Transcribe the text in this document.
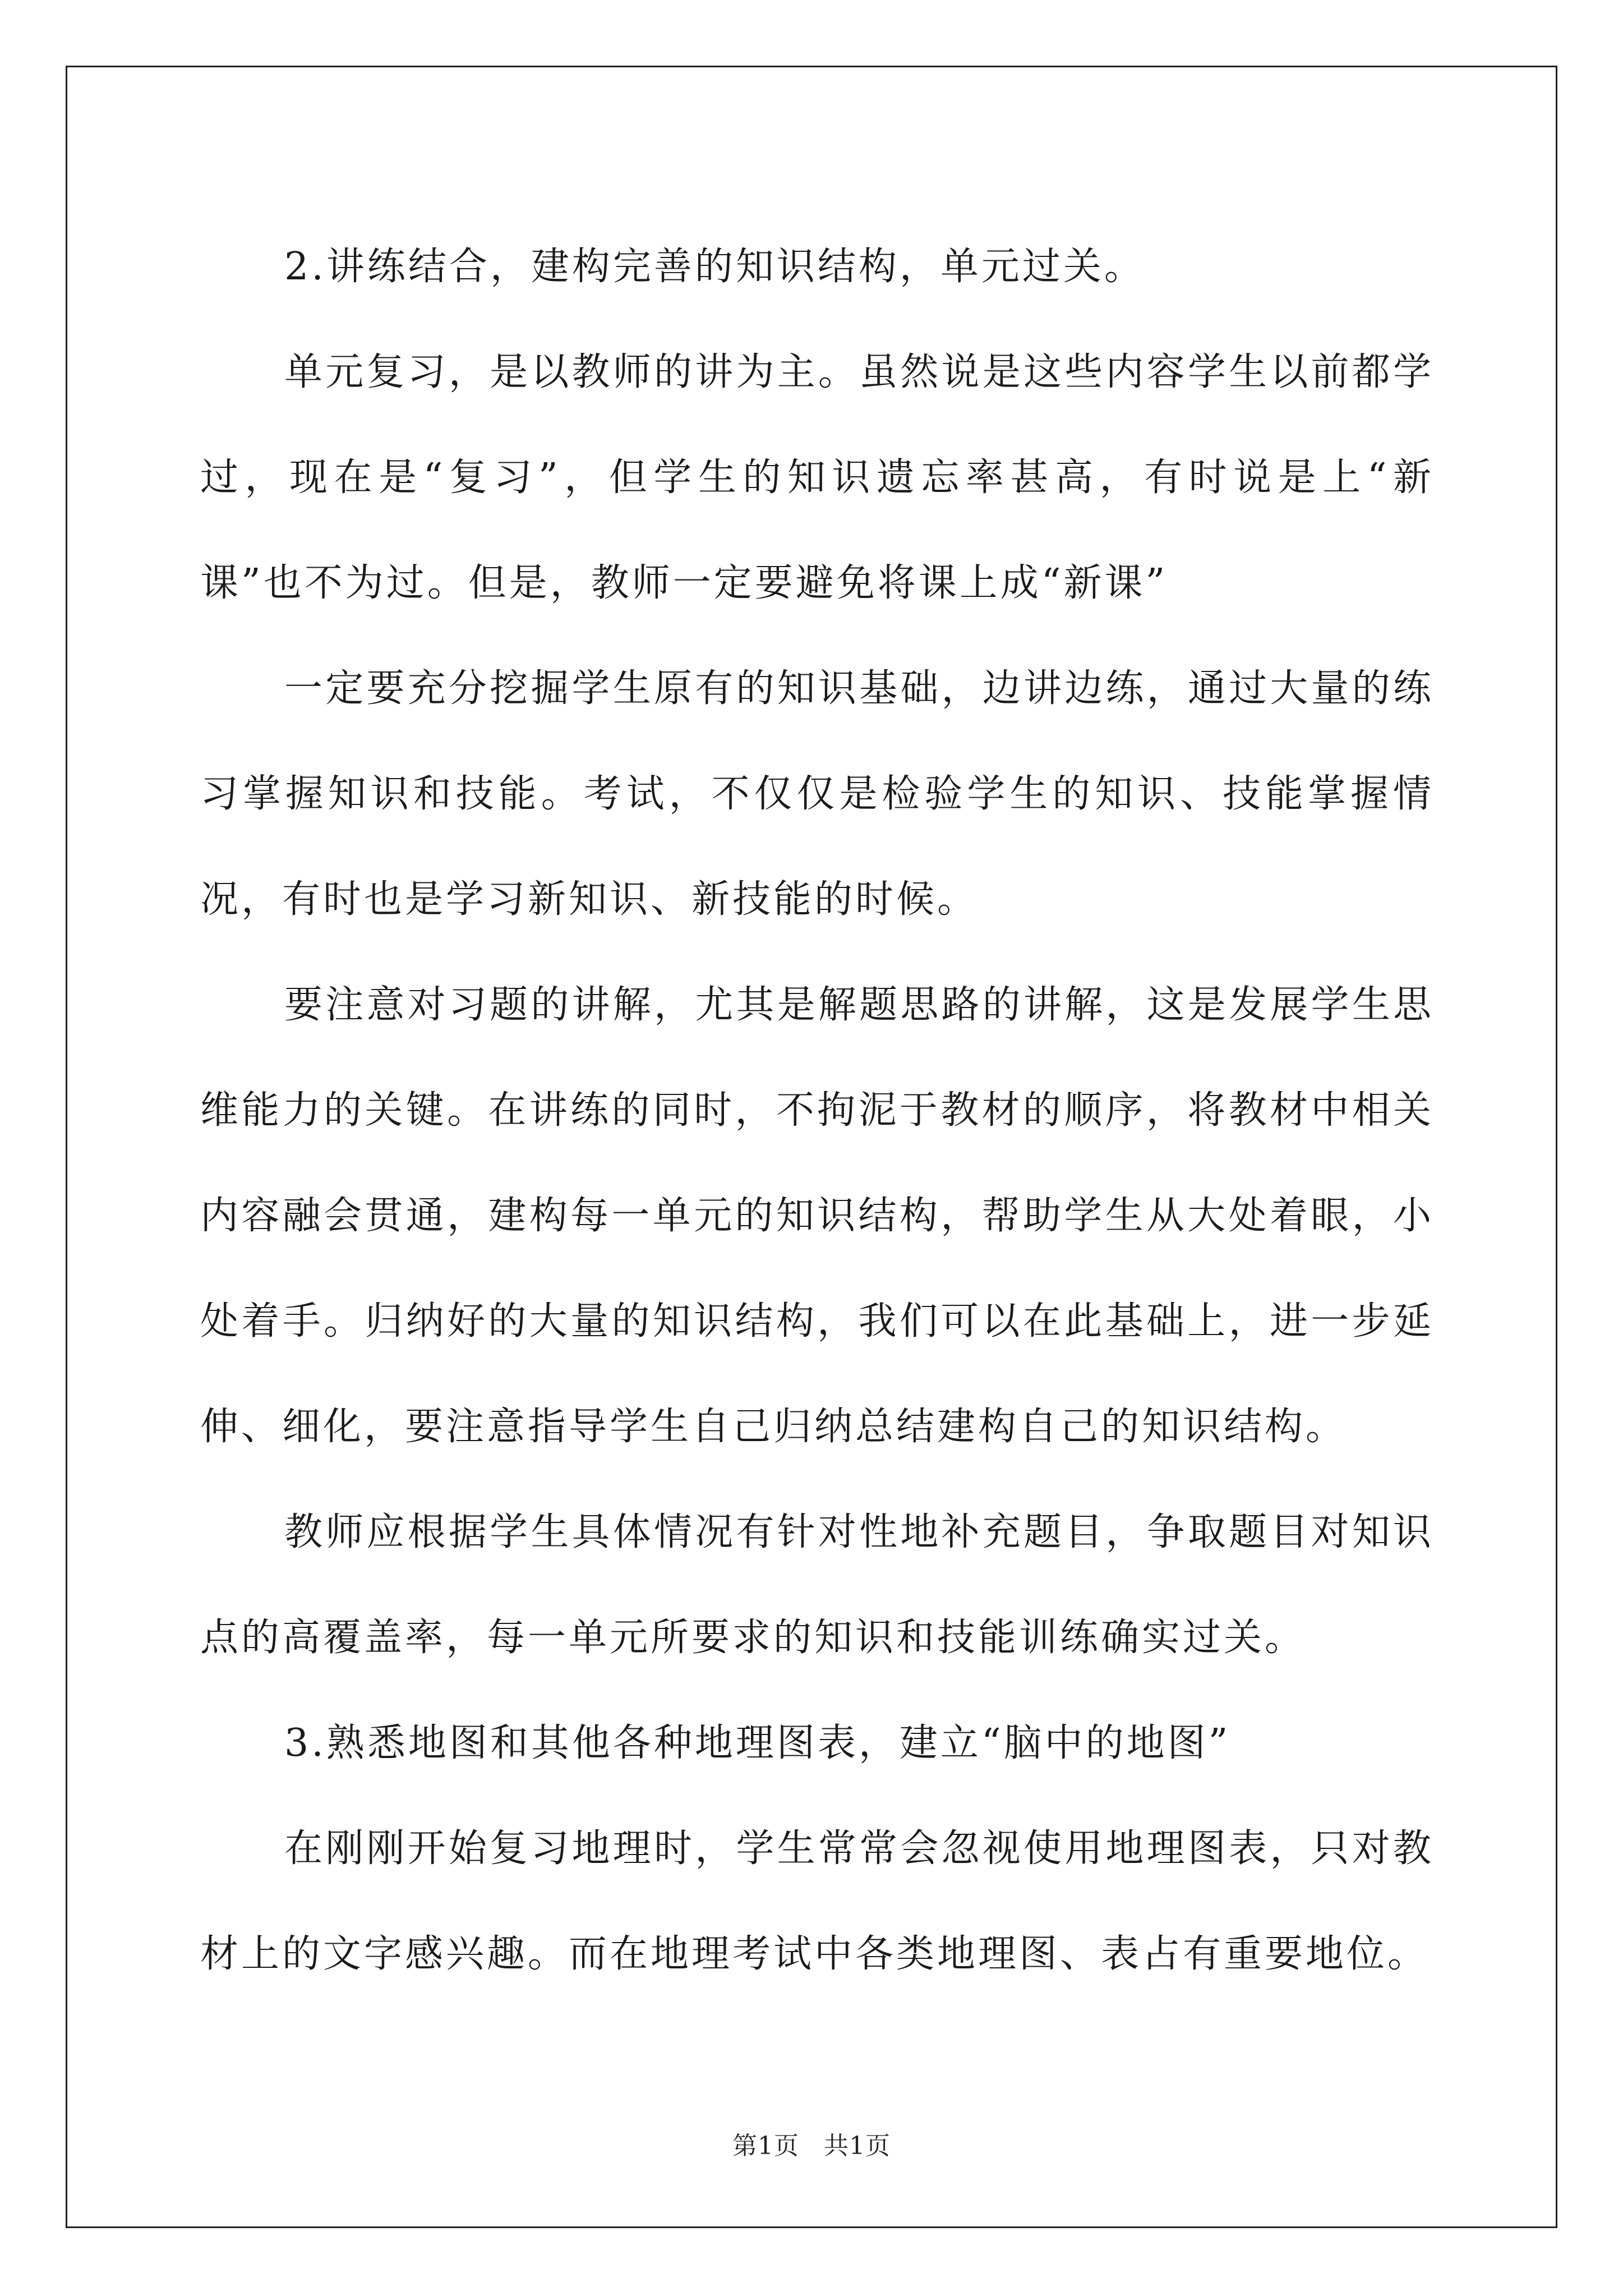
2.讲练结合，建构完善的知识结构，单元过关。

单元复习，是以教师的讲为主。虽然说是这些内容学生以前都学过，现在是“复习”，但学生的知识遗忘率甚高，有时说是上“新课”也不为过。但是，教师一定要避免将课上成“新课”

一定要充分挖掘学生原有的知识基础，边讲边练，通过大量的练习掌握知识和技能。考试，不仅仅是检验学生的知识、技能掌握情况，有时也是学习新知识、新技能的时候。

要注意对习题的讲解，尤其是解题思路的讲解，这是发展学生思维能力的关键。在讲练的同时，不拘泥于教材的顺序，将教材中相关内容融会贯通，建构每一单元的知识结构，帮助学生从大处着眼，小处着手。归纳好的大量的知识结构，我们可以在此基础上，进一步延伸、细化，要注意指导学生自己归纳总结建构自己的知识结构。

教师应根据学生具体情况有针对性地补充题目，争取题目对知识点的高覆盖率，每一单元所要求的知识和技能训练确实过关。

3.熟悉地图和其他各种地理图表，建立“脑中的地图”

在刚刚开始复习地理时，学生常常会忽视使用地理图表，只对教材上的文字感兴趣。而在地理考试中各类地理图、表占有重要地位。

第1页 共1页
